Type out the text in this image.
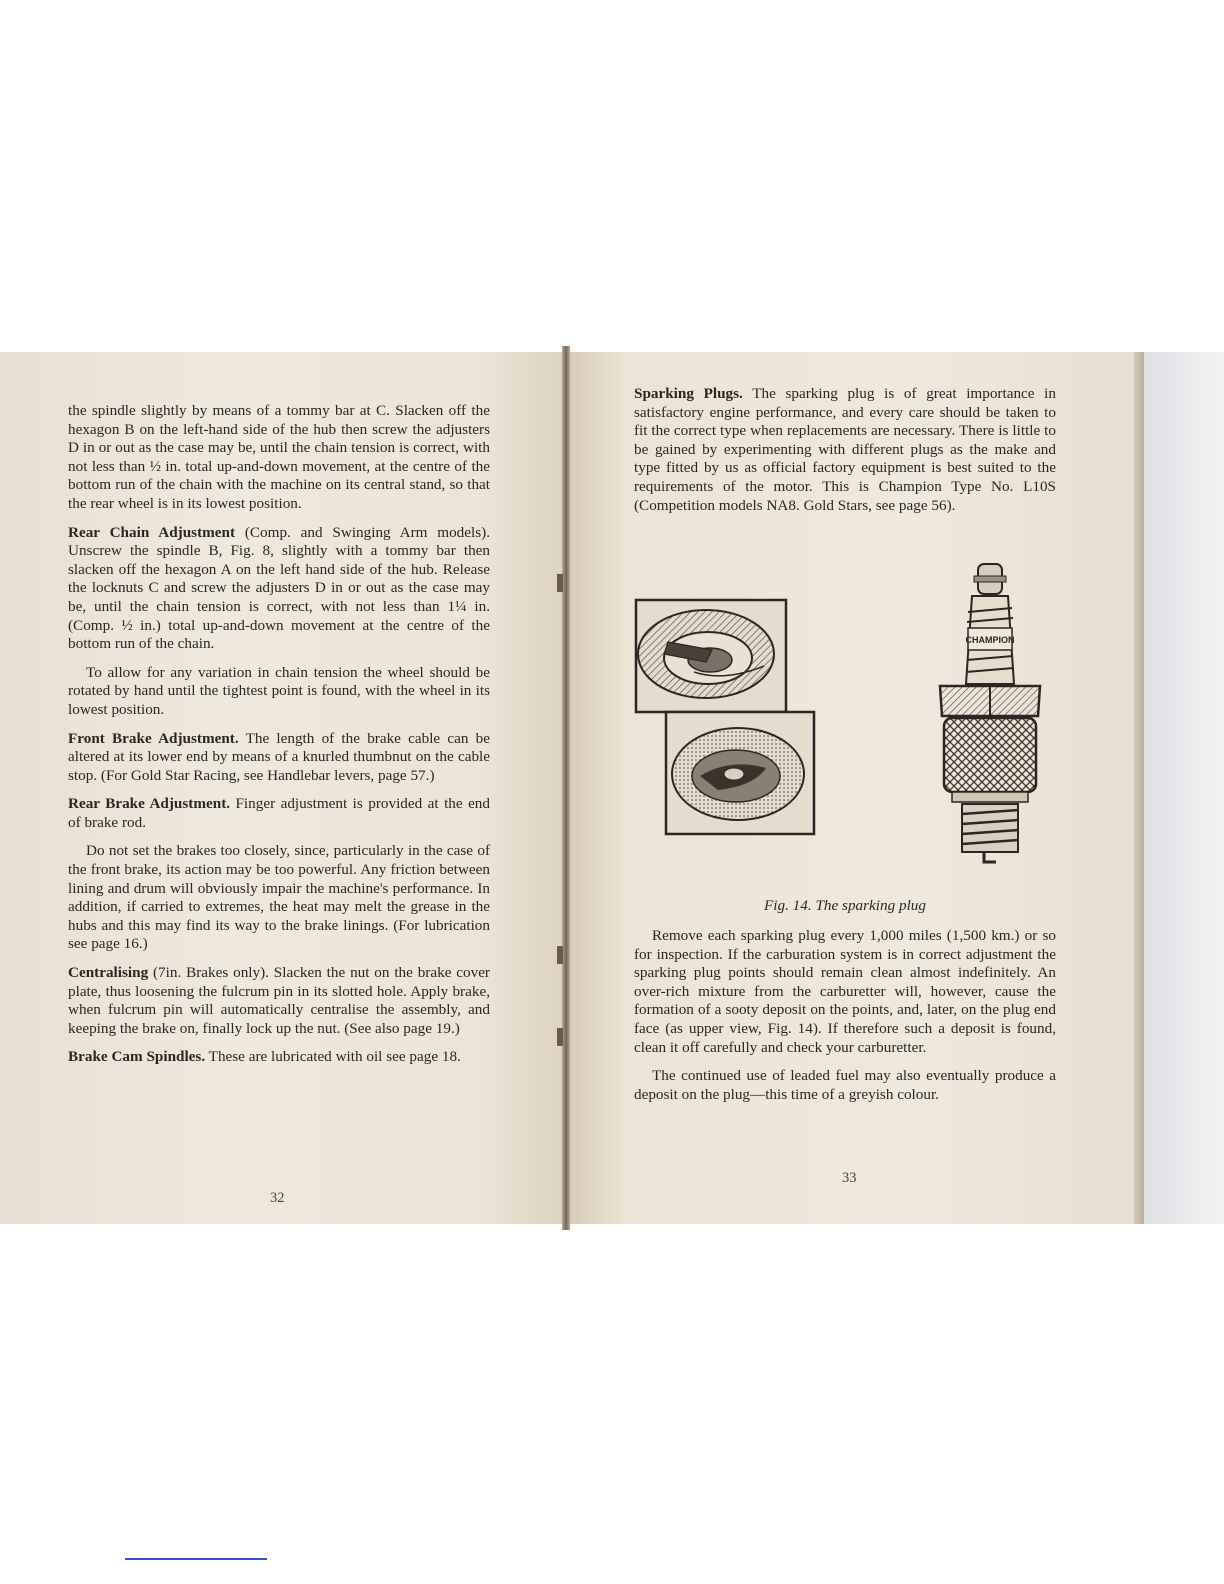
the spindle slightly by means of a tommy bar at C. Slacken off the hexagon B on the left-hand side of the hub then screw the adjusters D in or out as the case may be, until the chain tension is correct, with not less than ½ in. total up-and-down movement, at the centre of the bottom run of the chain with the machine on its central stand, so that the rear wheel is in its lowest position.

Rear Chain Adjustment (Comp. and Swinging Arm models). Unscrew the spindle B, Fig. 8, slightly with a tommy bar then slacken off the hexagon A on the left hand side of the hub. Release the locknuts C and screw the adjusters D in or out as the case may be, until the chain tension is correct, with not less than 1¼ in. (Comp. ½ in.) total up-and-down movement at the centre of the bottom run of the chain.

To allow for any variation in chain tension the wheel should be rotated by hand until the tightest point is found, with the wheel in its lowest position.

Front Brake Adjustment. The length of the brake cable can be altered at its lower end by means of a knurled thumbnut on the cable stop. (For Gold Star Racing, see Handlebar levers, page 57.)

Rear Brake Adjustment. Finger adjustment is provided at the end of brake rod.

Do not set the brakes too closely, since, particularly in the case of the front brake, its action may be too powerful. Any friction between lining and drum will obviously impair the machine's performance. In addition, if carried to extremes, the heat may melt the grease in the hubs and this may find its way to the brake linings. (For lubrication see page 16.)

Centralising (7in. Brakes only). Slacken the nut on the brake cover plate, thus loosening the fulcrum pin in its slotted hole. Apply brake, when fulcrum pin will automatically centralise the assembly, and keeping the brake on, finally lock up the nut. (See also page 19.)

Brake Cam Spindles. These are lubricated with oil see page 18.

32

Sparking Plugs. The sparking plug is of great importance in satisfactory engine performance, and every care should be taken to fit the correct type when replacements are necessary. There is little to be gained by experimenting with different plugs as the make and type fitted by us as official factory equipment is best suited to the requirements of the motor. This is Champion Type No. L10S (Competition models NA8. Gold Stars, see page 56).

CHAMPION
Fig. 14. The sparking plug

Remove each sparking plug every 1,000 miles (1,500 km.) or so for inspection. If the carburation system is in correct adjustment the sparking plug points should remain clean almost indefinitely. An over-rich mixture from the carburetter will, however, cause the formation of a sooty deposit on the points, and, later, on the plug end face (as upper view, Fig. 14). If therefore such a deposit is found, clean it off carefully and check your carburetter.

The continued use of leaded fuel may also eventually produce a deposit on the plug—this time of a greyish colour.

33
